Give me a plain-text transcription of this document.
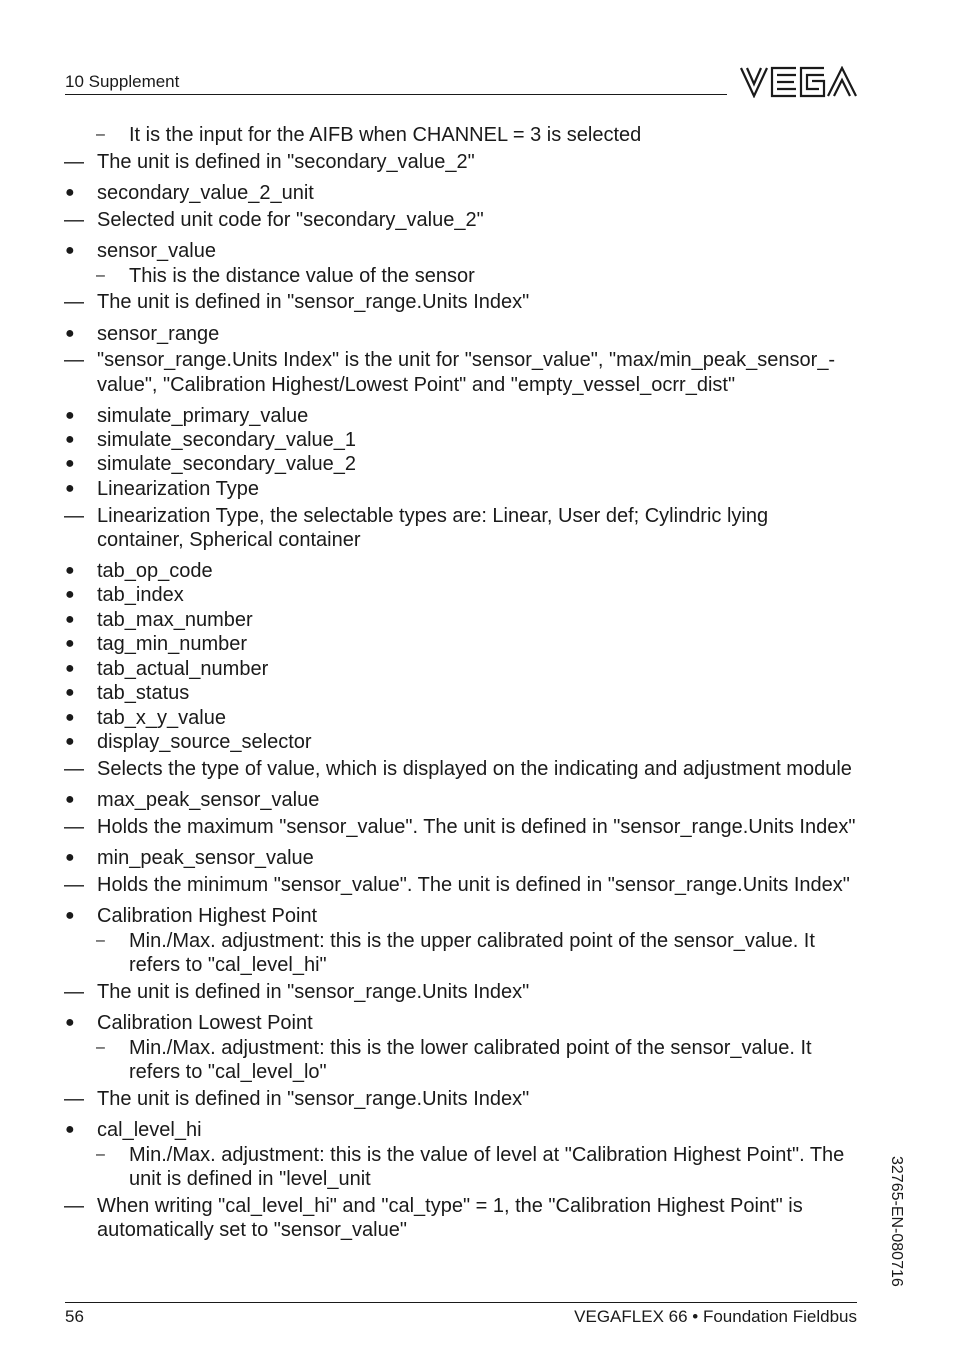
10 Supplement
– It is the input for the AIFB when CHANNEL = 3 is selected
— The unit is defined in "secondary_value_2"
● secondary_value_2_unit
— Selected unit code for "secondary_value_2"
● sensor_value
– This is the distance value of the sensor
— The unit is defined in "sensor_range.Units Index"
● sensor_range
— "sensor_range.Units Index" is the unit for "sensor_value", "max/min_peak_sensor_-
value", "Calibration Highest/Lowest Point" and "empty_vessel_ocrr_dist"
● simulate_primary_value
● simulate_secondary_value_1
● simulate_secondary_value_2
● Linearization Type
— Linearization Type, the selectable types are: Linear, User def; Cylindric lying
container, Spherical container
● tab_op_code
● tab_index
● tab_max_number
● tag_min_number
● tab_actual_number
● tab_status
● tab_x_y_value
● display_source_selector
— Selects the type of value, which is displayed on the indicating and adjustment module
● max_peak_sensor_value
— Holds the maximum "sensor_value". The unit is defined in "sensor_range.Units Index"
● min_peak_sensor_value
— Holds the minimum "sensor_value". The unit is defined in "sensor_range.Units Index"
● Calibration Highest Point
– Min./Max. adjustment: this is the upper calibrated point of the sensor_value. It
refers to "cal_level_hi"
— The unit is defined in "sensor_range.Units Index"
● Calibration Lowest Point
– Min./Max. adjustment: this is the lower calibrated point of the sensor_value. It
refers to "cal_level_lo"
— The unit is defined in "sensor_range.Units Index"
● cal_level_hi
– Min./Max. adjustment: this is the value of level at "Calibration Highest Point". The
unit is defined in "level_unit
— When writing "cal_level_hi" and "cal_type" = 1, the "Calibration Highest Point" is
automatically set to "sensor_value"
56	VEGAFLEX 66 • Foundation Fieldbus
32765-EN-080716
